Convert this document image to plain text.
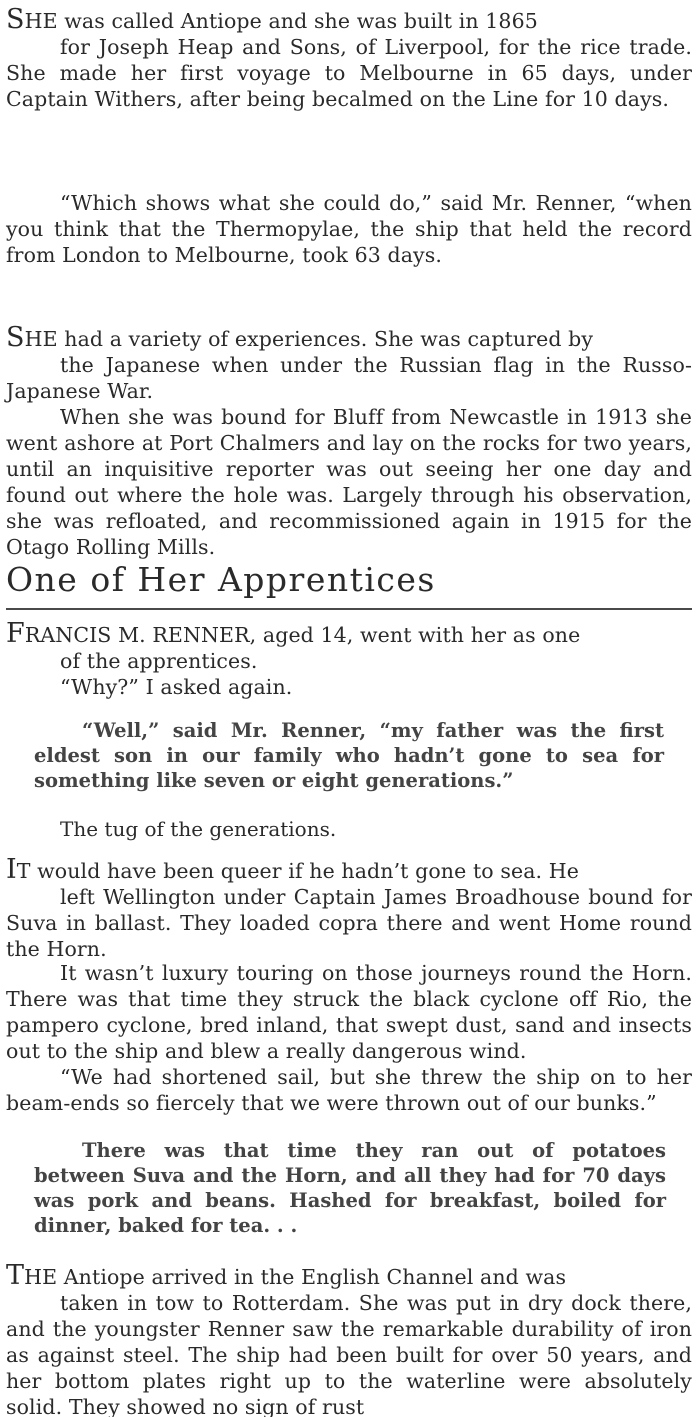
SHE was called Antiope and she was built in 1865
for Joseph Heap and Sons, of Liverpool, for the rice trade. She made her first voyage to Melbourne in 65 days, under Captain Withers, after being becalmed on the Line for 10 days.

“Which shows what she could do,” said Mr. Renner, “when you think that the Thermopylae, the ship that held the record from London to Melbourne, took 63 days.

SHE had a variety of experiences. She was captured by
the Japanese when under the Russian flag in the Russo-Japanese War.

When she was bound for Bluff from Newcastle in 1913 she went ashore at Port Chalmers and lay on the rocks for two years, until an inquisitive reporter was out seeing her one day and found out where the hole was. Largely through his observation, she was refloated, and recommissioned again in 1915 for the Otago Rolling Mills.

One of Her Apprentices

FRANCIS M. RENNER, aged 14, went with her as one
of the apprentices.

“Why?” I asked again.

“Well,” said Mr. Renner, “my father was the first eldest son in our family who hadn’t gone to sea for something like seven or eight generations.”
The tug of the generations.

IT would have been queer if he hadn’t gone to sea. He
left Wellington under Captain James Broadhouse bound for Suva in ballast. They loaded copra there and went Home round the Horn.

It wasn’t luxury touring on those journeys round the Horn. There was that time they struck the black cyclone off Rio, the pampero cyclone, bred inland, that swept dust, sand and insects out to the ship and blew a really dangerous wind.

“We had shortened sail, but she threw the ship on to her beam-ends so fiercely that we were thrown out of our bunks.”

There was that time they ran out of potatoes between Suva and the Horn, and all they had for 70 days was pork and beans. Hashed for breakfast, boiled for dinner, baked for tea. . .

THE Antiope arrived in the English Channel and was
taken in tow to Rotterdam. She was put in dry dock there, and the youngster Renner saw the remarkable durability of iron as against steel. The ship had been built for over 50 years, and her bottom plates right up to the waterline were absolutely solid. They showed no sign of rust
